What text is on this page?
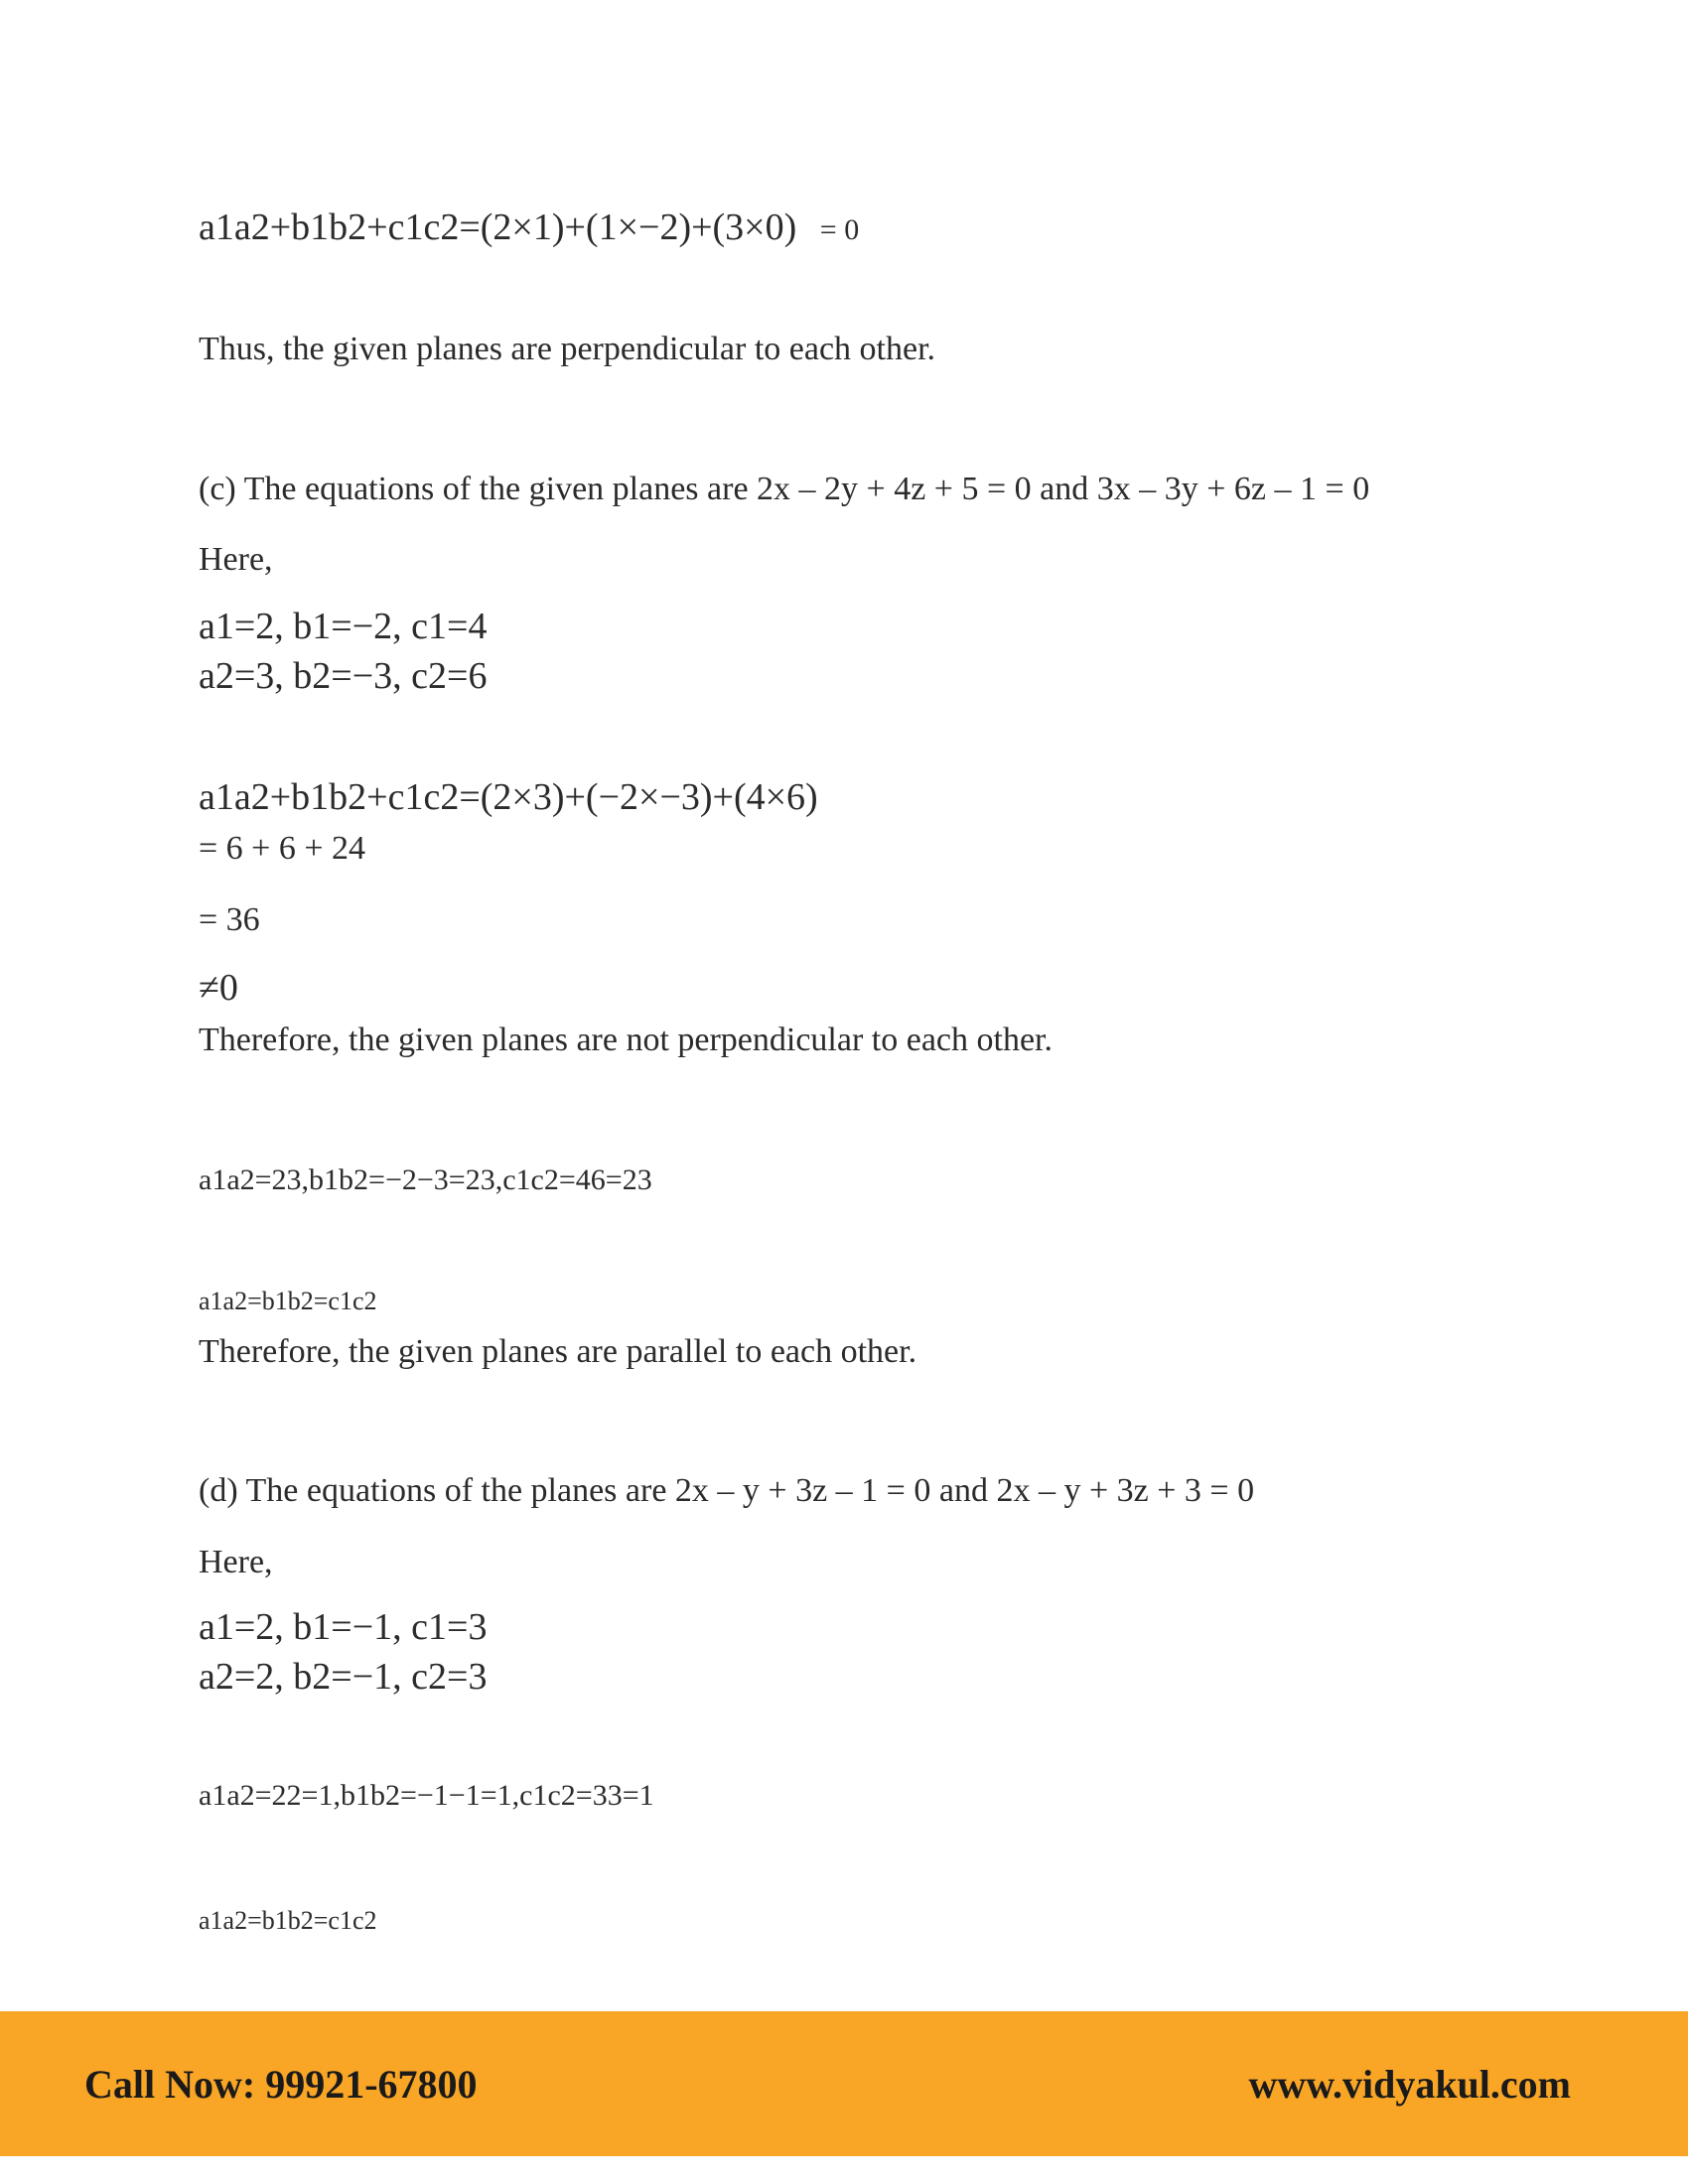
a1a2+b1b2+c1c2=(2×1)+(1×−2)+(3×0) = 0
Thus, the given planes are perpendicular to each other.
(c) The equations of the given planes are 2x – 2y + 4z + 5 = 0 and 3x – 3y + 6z – 1 = 0
Here,
a1=2, b1=−2, c1=4
a2=3, b2=−3, c2=6
a1a2+b1b2+c1c2=(2×3)+(−2×−3)+(4×6)
= 6 + 6 + 24
= 36
≠0
Therefore, the given planes are not perpendicular to each other.
a1a2=23,b1b2=−2−3=23,c1c2=46=23
a1a2=b1b2=c1c2
Therefore, the given planes are parallel to each other.
(d) The equations of the planes are 2x – y + 3z – 1 = 0 and 2x – y + 3z + 3 = 0
Here,
a1=2, b1=−1, c1=3
a2=2, b2=−1, c2=3
a1a2=22=1,b1b2=−1−1=1,c1c2=33=1
a1a2=b1b2=c1c2
Call Now: 99921-67800	www.vidyakul.com
